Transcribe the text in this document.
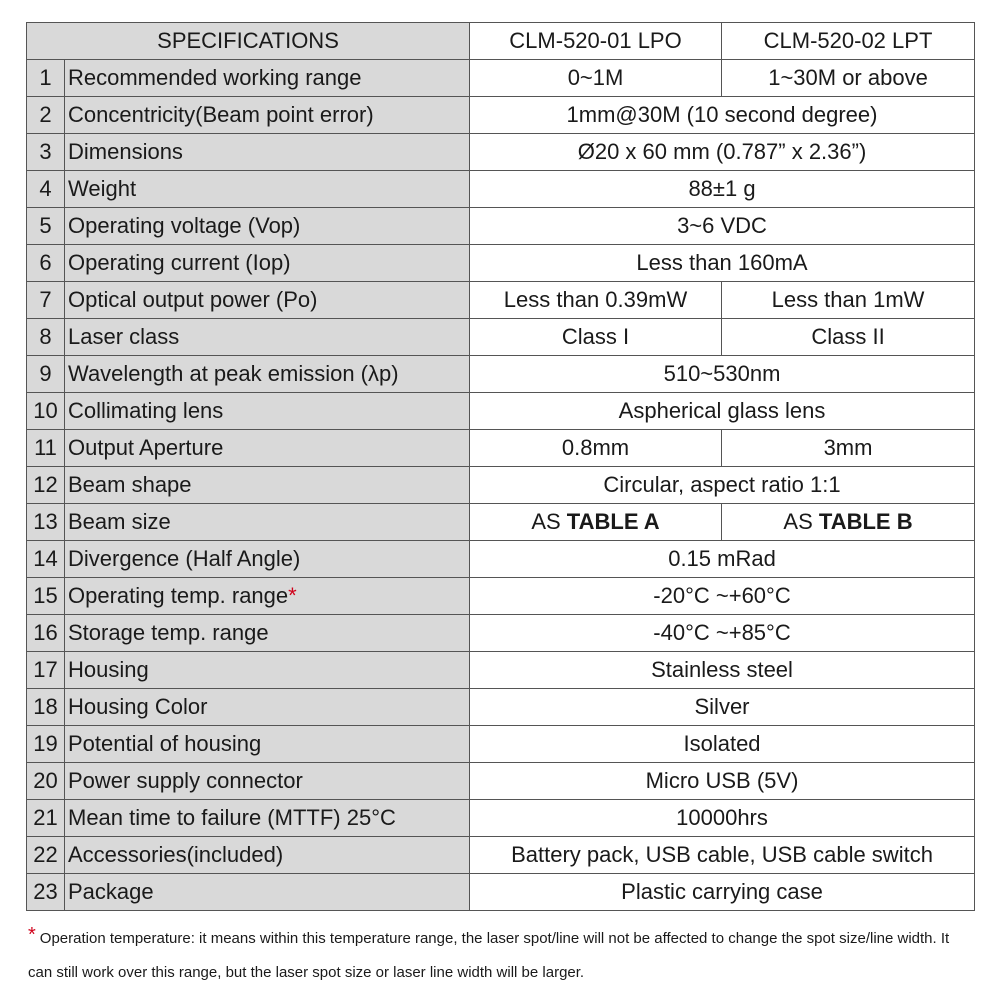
SPECIFICATIONS		CLM-520-01 LPO	CLM-520-02 LPT
1	Recommended working range	0~1M	1~30M or above
2	Concentricity(Beam point error)	1mm@30M (10 second degree)	
3	Dimensions	Ø20 x 60 mm (0.787” x 2.36”)	
4	Weight	88±1 g	
5	Operating voltage (Vop)	3~6 VDC	
6	Operating current (Iop)	Less than 160mA	
7	Optical output power (Po)	Less than 0.39mW	Less than 1mW
8	Laser class	Class I	Class II
9	Wavelength at peak emission (λp)	510~530nm	
10	Collimating lens	Aspherical glass lens	
11	Output Aperture	0.8mm	3mm
12	Beam shape	Circular, aspect ratio 1:1	
13	Beam size	AS TABLE A	AS TABLE B
14	Divergence (Half Angle)	0.15 mRad	
15	Operating temp. range*	-20°C ~+60°C	
16	Storage temp. range	-40°C ~+85°C	
17	Housing	Stainless steel	
18	Housing Color	Silver	
19	Potential of housing	Isolated	
20	Power supply connector	Micro USB (5V)	
21	Mean time to failure (MTTF) 25°C	10000hrs	
22	Accessories(included)	Battery pack, USB cable, USB cable switch	
23	Package	Plastic carrying case	
* Operation temperature: it means within this temperature range, the laser spot/line will not be affected to change the spot size/line width. It can still work over this range, but the laser spot size or laser line width will be larger.
